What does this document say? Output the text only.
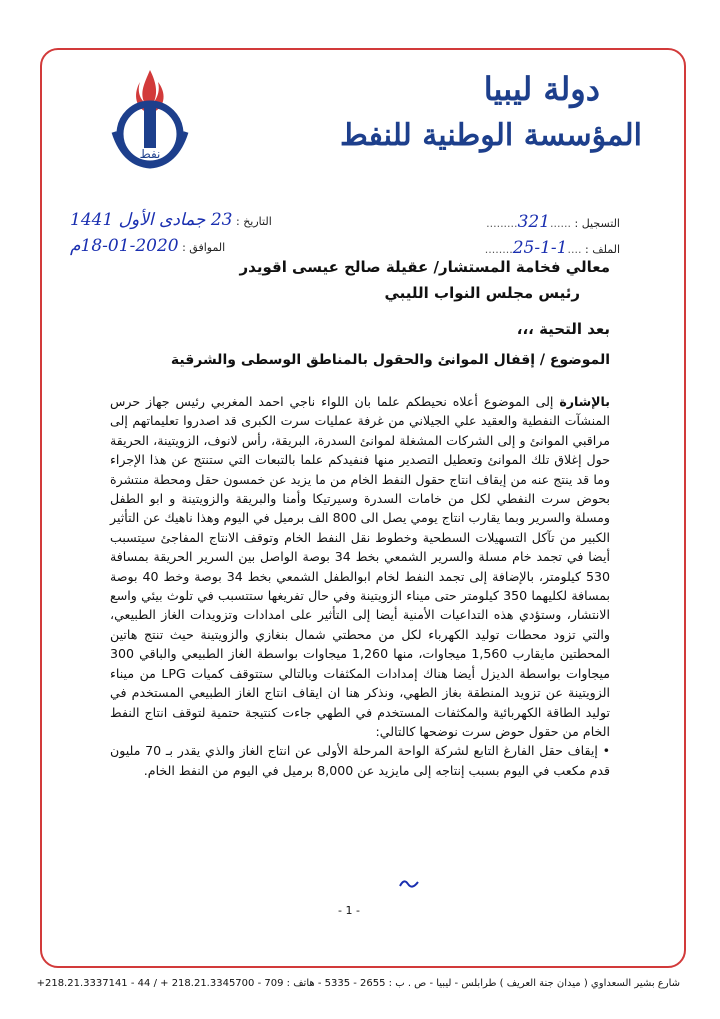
نفط
دولة ليبيا
المؤسسة الوطنية للنفط
التسجيل : ......321.........
الملف : ....1-1-25........
التاريخ : 23 جمادى الأول 1441
الموافق : 2020-01-18م
معالي فخامة المستشار/ عقيلة صالح عيسى اقويدر
رئيس مجلس النواب الليبي
بعد التحية ،،،
الموضوع / إقفال الموانئ والحقول بالمناطق الوسطى والشرقية

بالإشارة إلى الموضوع أعلاه نحيطكم علما بان اللواء ناجي احمد المغربي رئيس جهاز حرس المنشآت النفطية والعقيد علي الجيلاني من غرفة عمليات سرت الكبرى قد اصدروا تعليماتهم إلى مراقبي الموانئ و إلى الشركات المشغلة لموانئ السدرة، البريقة، رأس لانوف، الزويتينة، الحريقة حول إغلاق تلك الموانئ وتعطيل التصدير منها فنفيدكم علما بالتبعات التي ستنتج عن هذا الإجراء وما قد ينتج عنه من إيقاف انتاج حقول النفط الخام من ما يزيد عن خمسون حقل ومحطة منتشرة بحوض سرت النفطي لكل من خامات السدرة وسيرتيكا وأمنا والبريقة والزويتينة و ابو الطفل ومسلة والسرير وبما يقارب انتاج يومي يصل الى 800 الف برميل في اليوم وهذا ناهيك عن التأثير الكبير من تآكل التسهيلات السطحية وخطوط نقل النفط الخام وتوقف الانتاج المفاجئ سيتسبب أيضا في تجمد خام مسلة والسرير الشمعي بخط 34 بوصة الواصل بين السرير الحريقة بمسافة 530 كيلومتر، بالإضافة إلى تجمد النفط لخام ابوالطفل الشمعي بخط 34 بوصة وخط 40 بوصة بمسافة لكليهما 350 كيلومتر حتى ميناء الزويتينة وفي حال تفريغها ستتسبب في تلوث بيئي واسع الانتشار، وستؤدي هذه التداعيات الأمنية أيضا إلى التأثير على امدادات وتزويدات الغاز الطبيعي، والتي تزود محطات توليد الكهرباء لكل من محطتي شمال بنغازي والزويتينة حيث تنتج هاتين المحطتين مايقارب 1,560 ميجاوات، منها 1,260 ميجاوات بواسطة الغاز الطبيعي والباقي 300 ميجاوات بواسطة الديزل أيضا هناك إمدادات المكثفات وبالتالي ستتوقف كميات LPG من ميناء الزويتينة عن تزويد المنطقة بغاز الطهي، ونذكر هنا ان ايقاف انتاج الغاز الطبيعي المستخدم في توليد الطاقة الكهربائية والمكثفات المستخدم في الطهي جاءت كنتيجة حتمية لتوقف انتاج النفط الخام من حقول حوض سرت نوضحها كالتالي:

• إيقاف حقل الفارغ التابع لشركة الواحة المرحلة الأولى عن انتاج الغاز والذي يقدر بـ 70 مليون قدم مكعب في اليوم بسبب إنتاجه إلى مايزيد عن 8,000 برميل في اليوم من النفط الخام.

- 1 -
شارع بشير السعداوي ( ميدان جنة العريف ) طرابلس - ليبيا - ص . ب : 2655 - 5335 - هاتف : 709 - 218.21.3345700 + / 44 - 218.21.3337141+
